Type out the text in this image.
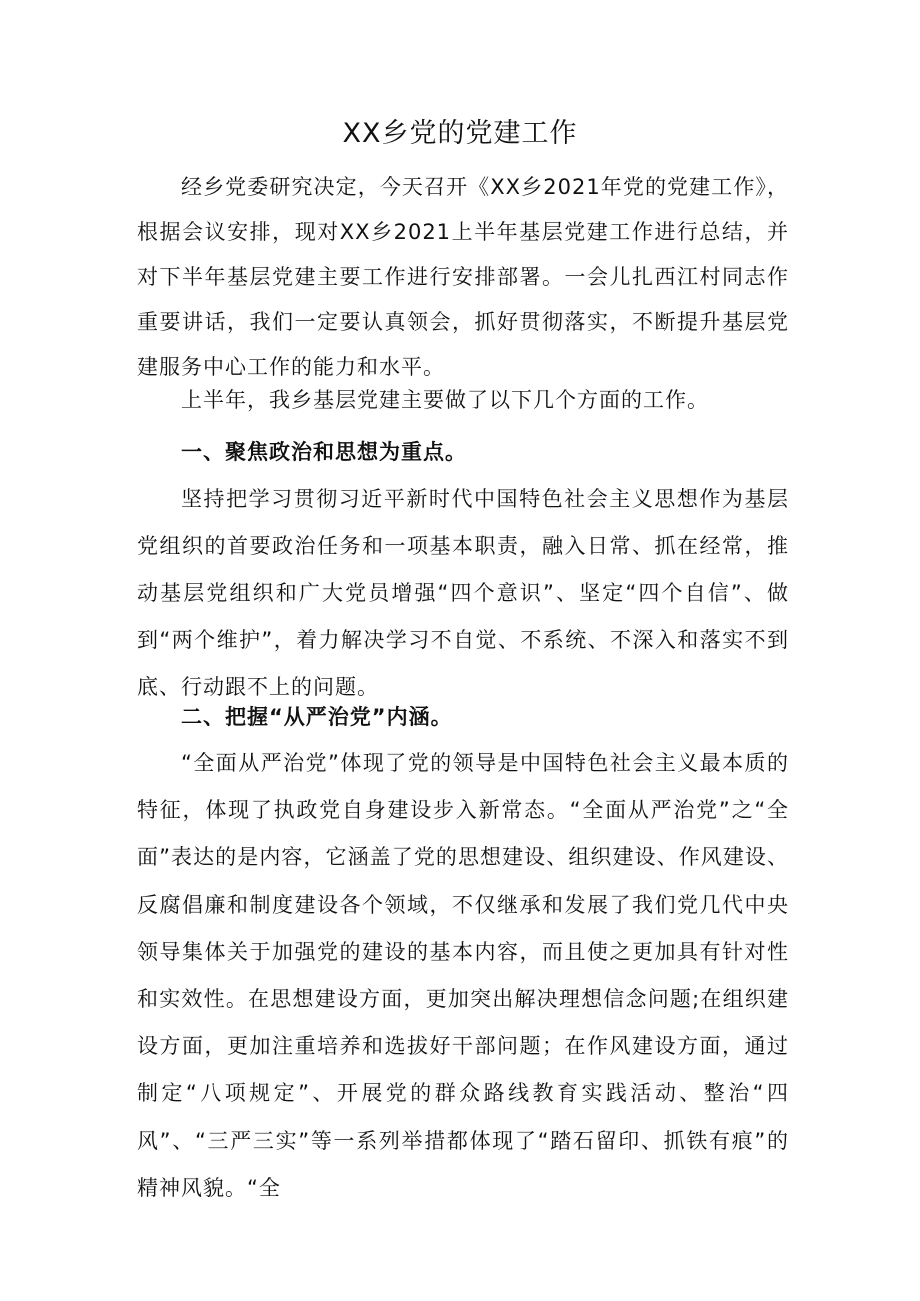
XX乡党的党建工作

经乡党委研究决定，今天召开《XX乡2021年党的党建工作》，根据会议安排，现对XX乡2021上半年基层党建工作进行总结，并对下半年基层党建主要工作进行安排部署。一会儿扎西江村同志作重要讲话，我们一定要认真领会，抓好贯彻落实，不断提升基层党建服务中心工作的能力和水平。

上半年，我乡基层党建主要做了以下几个方面的工作。

一、聚焦政治和思想为重点。

坚持把学习贯彻习近平新时代中国特色社会主义思想作为基层党组织的首要政治任务和一项基本职责，融入日常、抓在经常，推动基层党组织和广大党员增强“四个意识”、坚定“四个自信”、做到“两个维护”，着力解决学习不自觉、不系统、不深入和落实不到底、行动跟不上的问题。

二、把握“从严治党”内涵。

“全面从严治党”体现了党的领导是中国特色社会主义最本质的特征，体现了执政党自身建设步入新常态。“全面从严治党”之“全面”表达的是内容，它涵盖了党的思想建设、组织建设、作风建设、反腐倡廉和制度建设各个领域，不仅继承和发展了我们党几代中央领导集体关于加强党的建设的基本内容，而且使之更加具有针对性和实效性。在思想建设方面，更加突出解决理想信念问题;在组织建设方面，更加注重培养和选拔好干部问题；在作风建设方面，通过制定“八项规定”、开展党的群众路线教育实践活动、整治“四风”、“三严三实”等一系列举措都体现了“踏石留印、抓铁有痕”的精神风貌。“全
